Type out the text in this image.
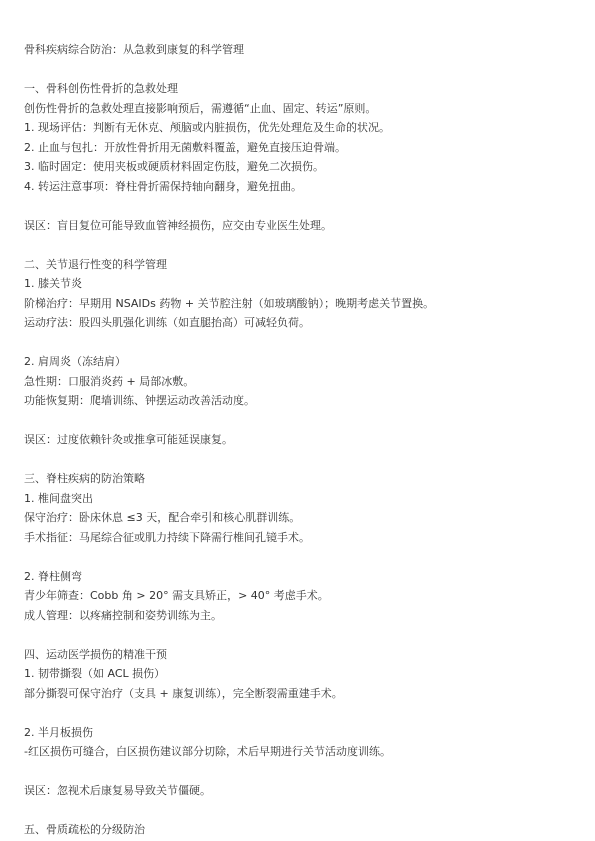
骨科疾病综合防治：从急救到康复的科学管理

一、骨科创伤性骨折的急救处理

创伤性骨折的急救处理直接影响预后，需遵循“止血、固定、转运”原则。

1. 现场评估：判断有无休克、颅脑或内脏损伤，优先处理危及生命的状况。

2. 止血与包扎：开放性骨折用无菌敷料覆盖，避免直接压迫骨端。

3. 临时固定：使用夹板或硬质材料固定伤肢，避免二次损伤。

4. 转运注意事项：脊柱骨折需保持轴向翻身，避免扭曲。

误区：盲目复位可能导致血管神经损伤，应交由专业医生处理。

二、关节退行性变的科学管理

1. 膝关节炎

阶梯治疗：早期用 NSAIDs 药物 + 关节腔注射（如玻璃酸钠）；晚期考虑关节置换。

运动疗法：股四头肌强化训练（如直腿抬高）可减轻负荷。

2. 肩周炎（冻结肩）

急性期：口服消炎药 + 局部冰敷。

功能恢复期：爬墙训练、钟摆运动改善活动度。

误区：过度依赖针灸或推拿可能延误康复。

三、脊柱疾病的防治策略

1. 椎间盘突出

保守治疗：卧床休息 ≤3 天，配合牵引和核心肌群训练。

手术指征：马尾综合征或肌力持续下降需行椎间孔镜手术。

2. 脊柱侧弯

青少年筛查：Cobb 角 > 20° 需支具矫正，> 40° 考虑手术。

成人管理：以疼痛控制和姿势训练为主。

四、运动医学损伤的精准干预

1. 韧带撕裂（如 ACL 损伤）

部分撕裂可保守治疗（支具 + 康复训练），完全断裂需重建手术。

2. 半月板损伤

-红区损伤可缝合，白区损伤建议部分切除，术后早期进行关节活动度训练。

误区：忽视术后康复易导致关节僵硬。

五、骨质疏松的分级防治
